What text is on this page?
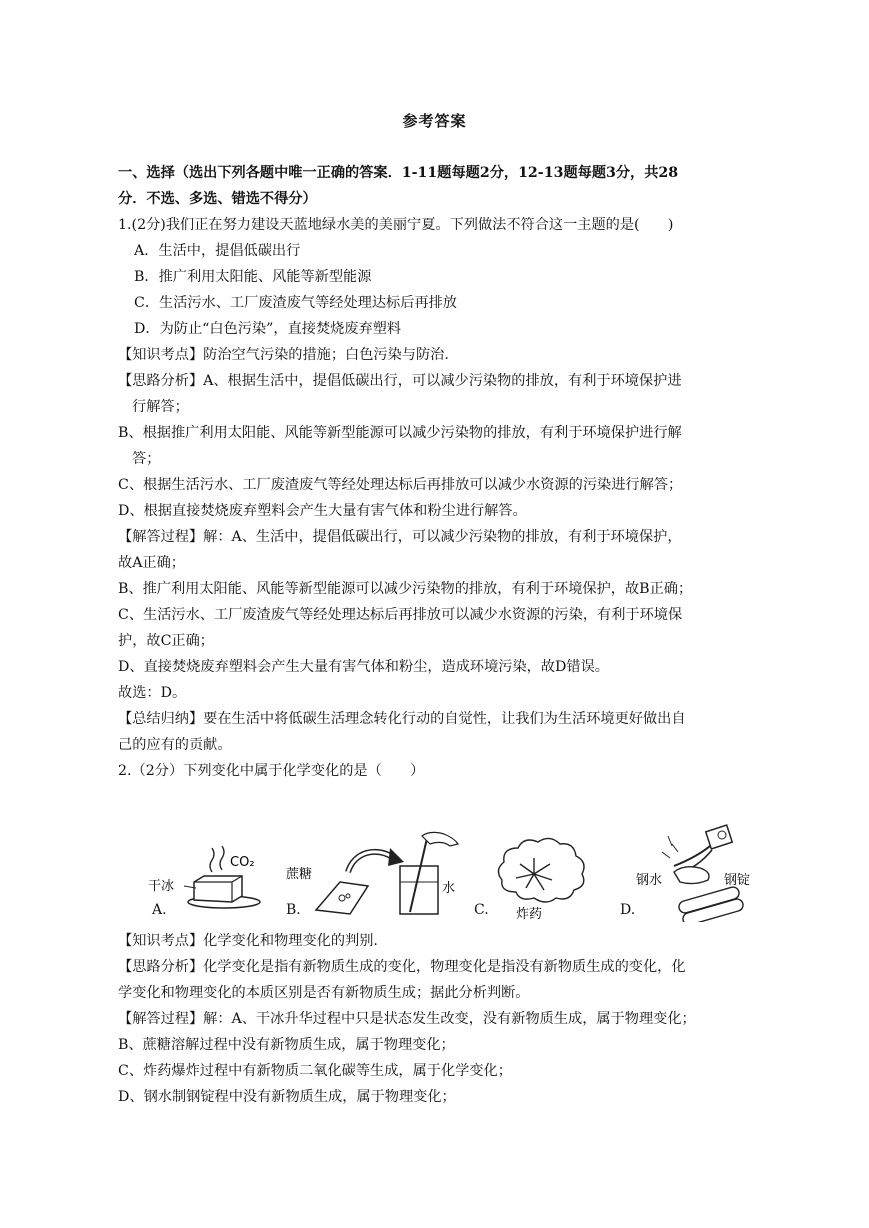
参考答案
一、选择（选出下列各题中唯一正确的答案．1-11题每题2分，12-13题每题3分，共28
分．不选、多选、错选不得分）
1.(2分)我们正在努力建设天蓝地绿水美的美丽宁夏。下列做法不符合这一主题的是(　　)
A．生活中，提倡低碳出行
B．推广利用太阳能、风能等新型能源
C．生活污水、工厂废渣废气等经处理达标后再排放
D．为防止“白色污染”，直接焚烧废弃塑料
【知识考点】防治空气污染的措施；白色污染与防治.
【思路分析】A、根据生活中，提倡低碳出行，可以减少污染物的排放，有利于环境保护进
行解答；
B、根据推广利用太阳能、风能等新型能源可以减少污染物的排放，有利于环境保护进行解
答；
C、根据生活污水、工厂废渣废气等经处理达标后再排放可以减少水资源的污染进行解答；
D、根据直接焚烧废弃塑料会产生大量有害气体和粉尘进行解答。
【解答过程】解：A、生活中，提倡低碳出行，可以减少污染物的排放，有利于环境保护，
故A正确；
B、推广利用太阳能、风能等新型能源可以减少污染物的排放，有利于环境保护，故B正确；
C、生活污水、工厂废渣废气等经处理达标后再排放可以减少水资源的污染，有利于环境保
护，故C正确；
D、直接焚烧废弃塑料会产生大量有害气体和粉尘，造成环境污染，故D错误。
故选：D。
【总结归纳】要在生活中将低碳生活理念转化行动的自觉性，让我们为生活环境更好做出自
己的应有的贡献。
2.（2分）下列变化中属于化学变化的是（　　）
A.
干冰
CO₂
B.
蔗糖
水
C. 炸药	D.
钢水	钢锭
【知识考点】化学变化和物理变化的判别.
【思路分析】化学变化是指有新物质生成的变化，物理变化是指没有新物质生成的变化，化
学变化和物理变化的本质区别是否有新物质生成；据此分析判断。
【解答过程】解：A、干冰升华过程中只是状态发生改变，没有新物质生成，属于物理变化；
B、蔗糖溶解过程中没有新物质生成，属于物理变化；
C、炸药爆炸过程中有新物质二氧化碳等生成，属于化学变化；
D、钢水制钢锭程中没有新物质生成，属于物理变化；
